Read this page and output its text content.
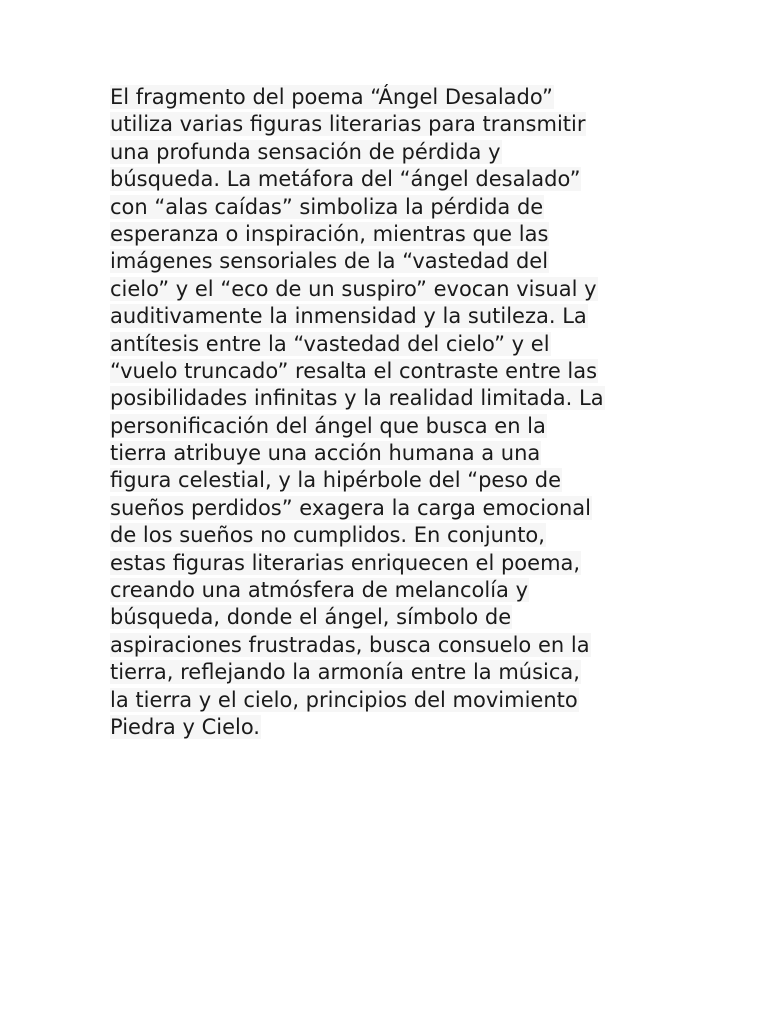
El fragmento del poema “Ángel Desalado”
utiliza varias figuras literarias para transmitir
una profunda sensación de pérdida y
búsqueda. La metáfora del “ángel desalado”
con “alas caídas” simboliza la pérdida de
esperanza o inspiración, mientras que las
imágenes sensoriales de la “vastedad del
cielo” y el “eco de un suspiro” evocan visual y
auditivamente la inmensidad y la sutileza. La
antítesis entre la “vastedad del cielo” y el
“vuelo truncado” resalta el contraste entre las
posibilidades infinitas y la realidad limitada. La
personificación del ángel que busca en la
tierra atribuye una acción humana a una
figura celestial, y la hipérbole del “peso de
sueños perdidos” exagera la carga emocional
de los sueños no cumplidos. En conjunto,
estas figuras literarias enriquecen el poema,
creando una atmósfera de melancolía y
búsqueda, donde el ángel, símbolo de
aspiraciones frustradas, busca consuelo en la
tierra, reflejando la armonía entre la música,
la tierra y el cielo, principios del movimiento
Piedra y Cielo.
